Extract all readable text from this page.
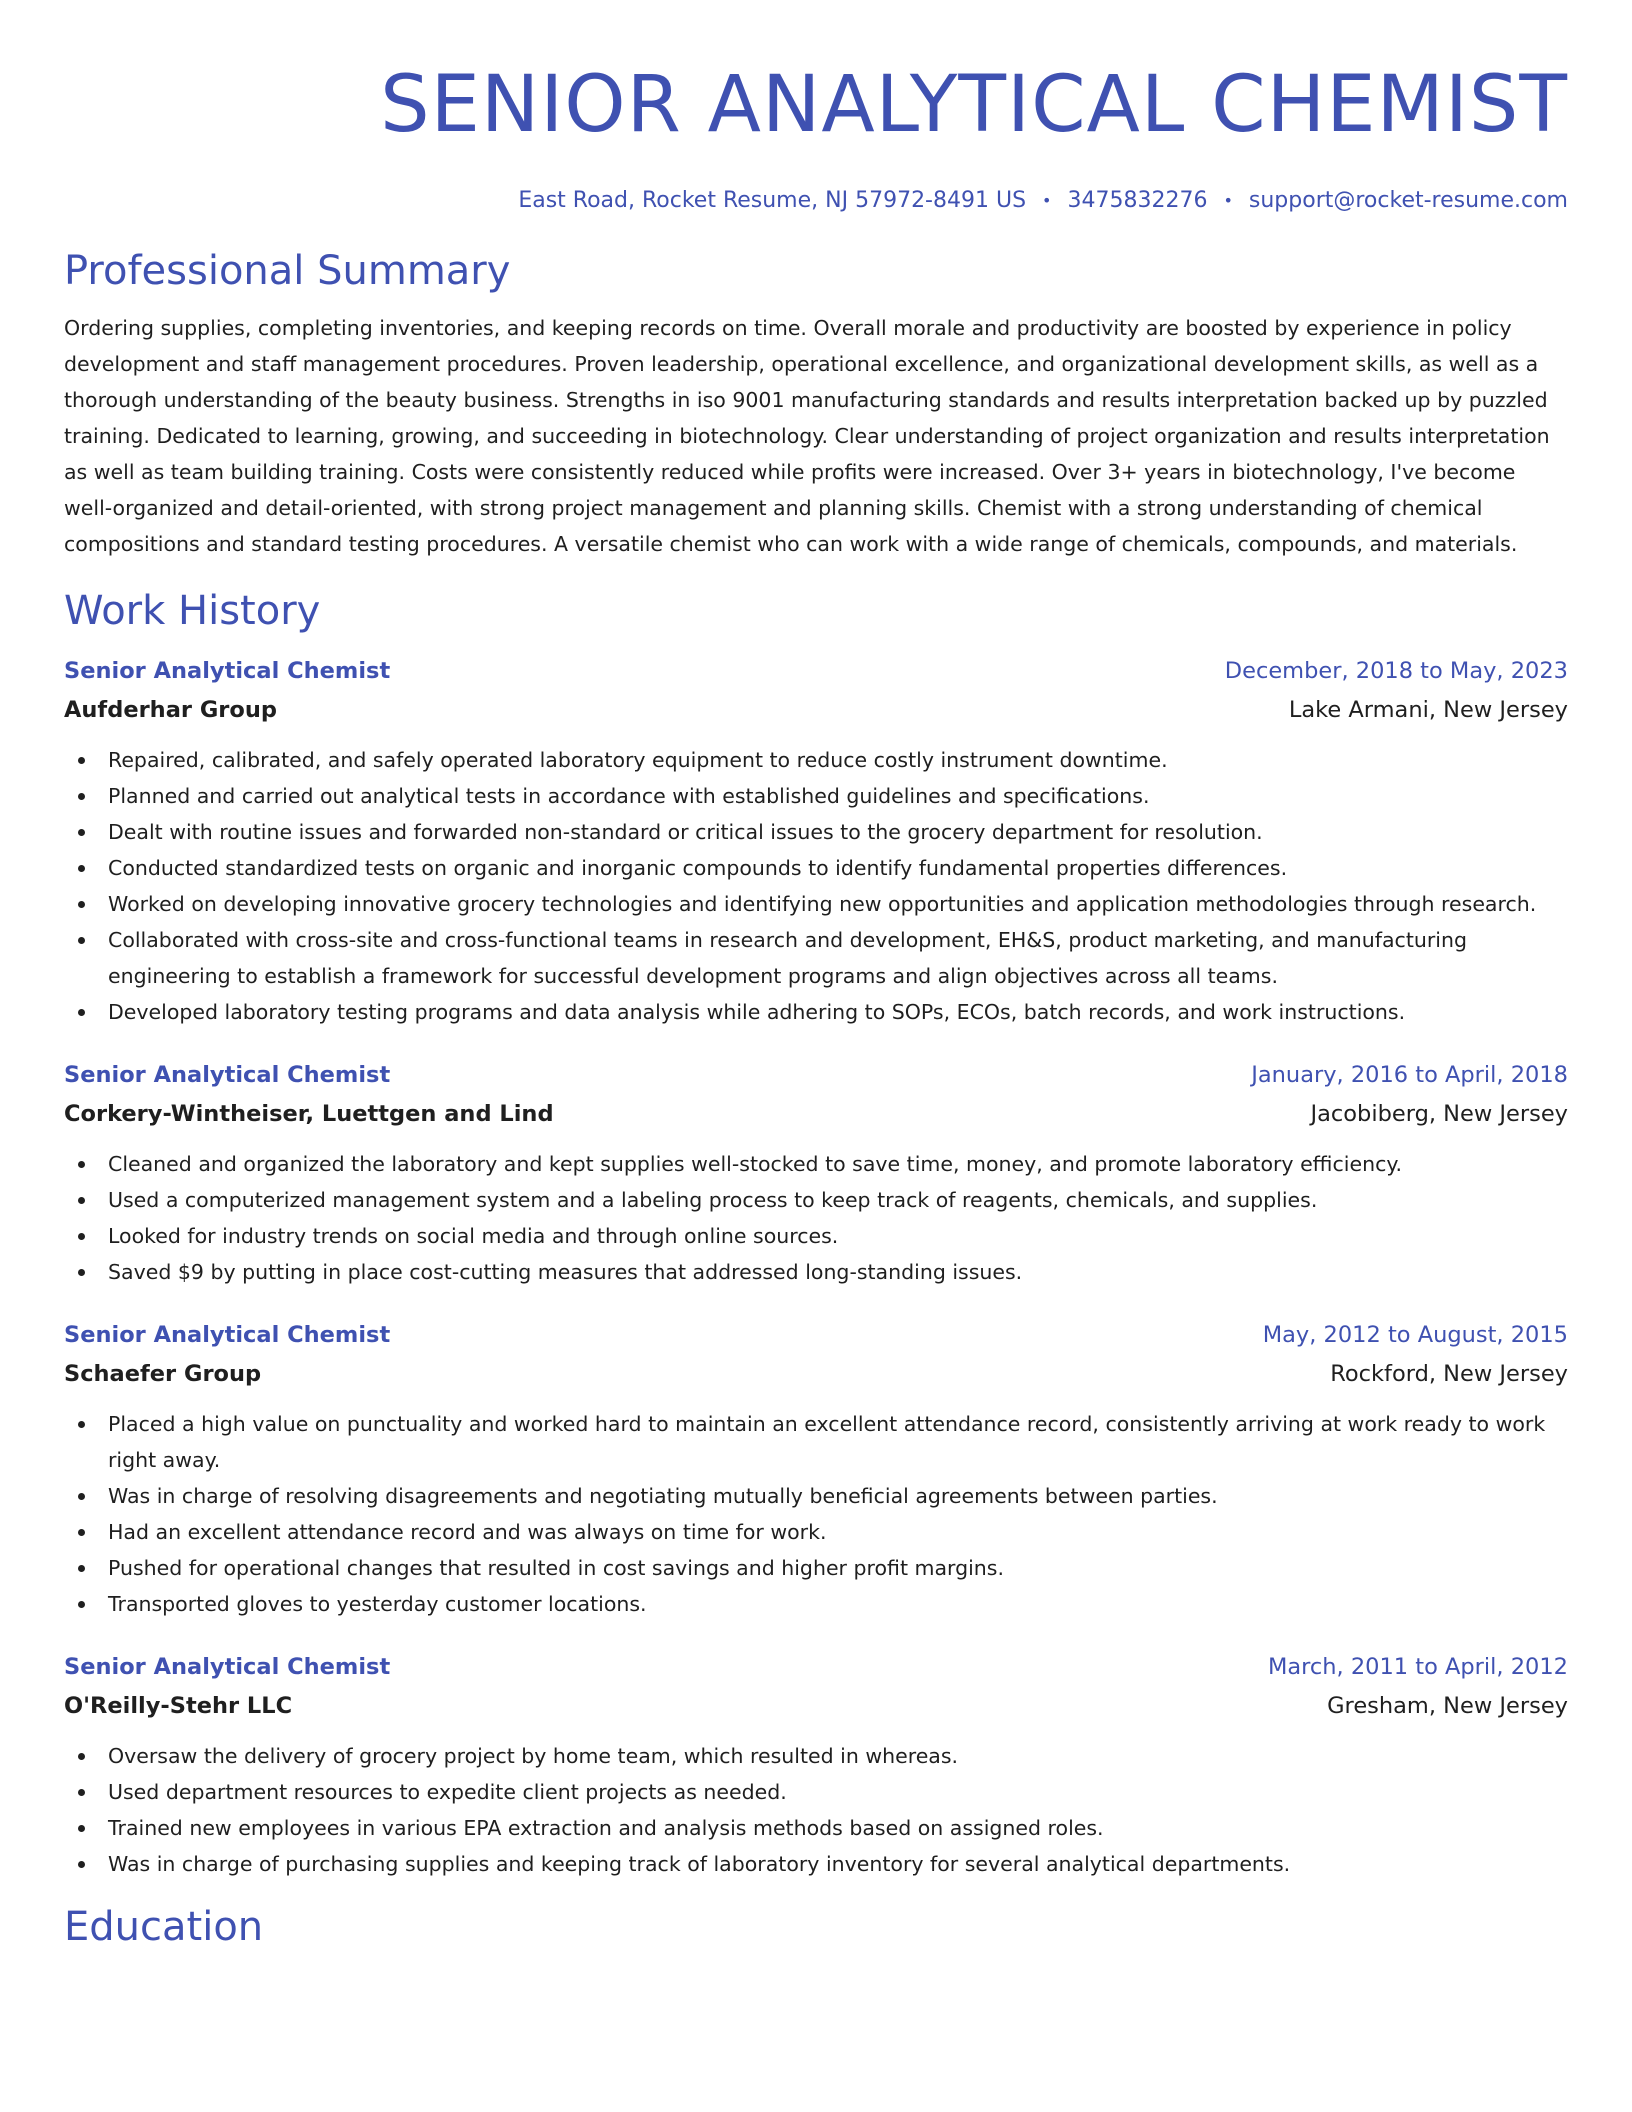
SENIOR ANALYTICAL CHEMIST
East Road, Rocket Resume, NJ 57972-8491 US • 3475832276 • support@rocket-resume.com
Professional Summary
Ordering supplies, completing inventories, and keeping records on time. Overall morale and productivity are boosted by experience in policy development and staff management procedures. Proven leadership, operational excellence, and organizational development skills, as well as a thorough understanding of the beauty business. Strengths in iso 9001 manufacturing standards and results interpretation backed up by puzzled training. Dedicated to learning, growing, and succeeding in biotechnology. Clear understanding of project organization and results interpretation as well as team building training. Costs were consistently reduced while profits were increased. Over 3+ years in biotechnology, I've become well-organized and detail-oriented, with strong project management and planning skills. Chemist with a strong understanding of chemical compositions and standard testing procedures. A versatile chemist who can work with a wide range of chemicals, compounds, and materials.
Work History
Senior Analytical Chemist	December, 2018 to May, 2023
Aufderhar Group	Lake Armani, New Jersey
Repaired, calibrated, and safely operated laboratory equipment to reduce costly instrument downtime.
Planned and carried out analytical tests in accordance with established guidelines and specifications.
Dealt with routine issues and forwarded non-standard or critical issues to the grocery department for resolution.
Conducted standardized tests on organic and inorganic compounds to identify fundamental properties differences.
Worked on developing innovative grocery technologies and identifying new opportunities and application methodologies through research.
Collaborated with cross-site and cross-functional teams in research and development, EH&S, product marketing, and manufacturing engineering to establish a framework for successful development programs and align objectives across all teams.
Developed laboratory testing programs and data analysis while adhering to SOPs, ECOs, batch records, and work instructions.
Senior Analytical Chemist	January, 2016 to April, 2018
Corkery-Wintheiser, Luettgen and Lind	Jacobiberg, New Jersey
Cleaned and organized the laboratory and kept supplies well-stocked to save time, money, and promote laboratory efficiency.
Used a computerized management system and a labeling process to keep track of reagents, chemicals, and supplies.
Looked for industry trends on social media and through online sources.
Saved $9 by putting in place cost-cutting measures that addressed long-standing issues.
Senior Analytical Chemist	May, 2012 to August, 2015
Schaefer Group	Rockford, New Jersey
Placed a high value on punctuality and worked hard to maintain an excellent attendance record, consistently arriving at work ready to work right away.
Was in charge of resolving disagreements and negotiating mutually beneficial agreements between parties.
Had an excellent attendance record and was always on time for work.
Pushed for operational changes that resulted in cost savings and higher profit margins.
Transported gloves to yesterday customer locations.
Senior Analytical Chemist	March, 2011 to April, 2012
O'Reilly-Stehr LLC	Gresham, New Jersey
Oversaw the delivery of grocery project by home team, which resulted in whereas.
Used department resources to expedite client projects as needed.
Trained new employees in various EPA extraction and analysis methods based on assigned roles.
Was in charge of purchasing supplies and keeping track of laboratory inventory for several analytical departments.
Education
